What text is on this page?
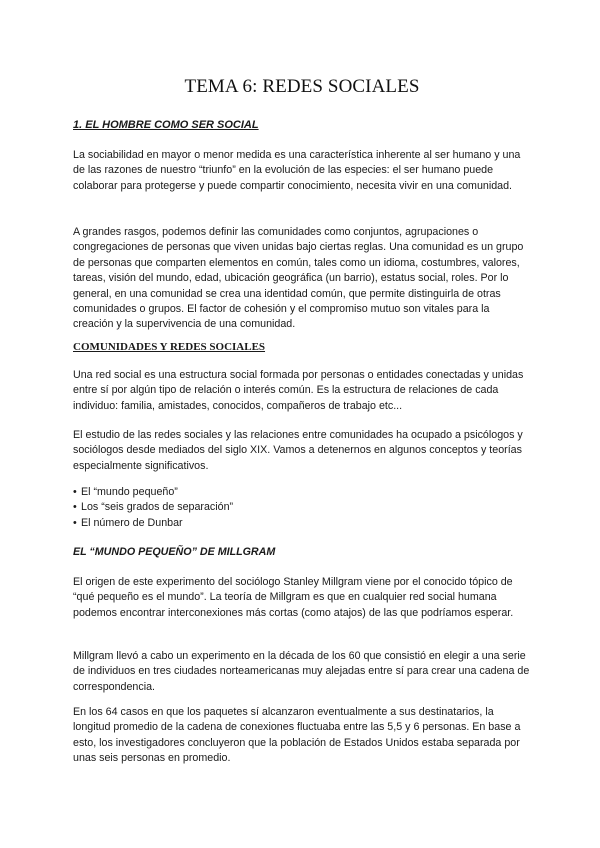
TEMA 6: REDES SOCIALES
1. EL HOMBRE COMO SER SOCIAL

La sociabilidad en mayor o menor medida es una característica inherente al ser humano y una de las razones de nuestro “triunfo” en la evolución de las especies: el ser humano puede colaborar para protegerse y puede compartir conocimiento, necesita vivir en una comunidad.

A grandes rasgos, podemos definir las comunidades como conjuntos, agrupaciones o congregaciones de personas que viven unidas bajo ciertas reglas. Una comunidad es un grupo de personas que comparten elementos en común, tales como un idioma, costumbres, valores, tareas, visión del mundo, edad, ubicación geográfica (un barrio), estatus social, roles. Por lo general, en una comunidad se crea una identidad común, que permite distinguirla de otras comunidades o grupos. El factor de cohesión y el compromiso mutuo son vitales para la creación y la supervivencia de una comunidad.

COMUNIDADES Y REDES SOCIALES

Una red social es una estructura social formada por personas o entidades conectadas y unidas entre sí por algún tipo de relación o interés común. Es la estructura de relaciones de cada individuo: familia, amistades, conocidos, compañeros de trabajo etc...

El estudio de las redes sociales y las relaciones entre comunidades ha ocupado a psicólogos y sociólogos desde mediados del siglo XIX. Vamos a detenernos en algunos conceptos y teorías especialmente significativos.

• El “mundo pequeño”
• Los “seis grados de separación”
• El número de Dunbar
EL “MUNDO PEQUEÑO” DE MILLGRAM

El origen de este experimento del sociólogo Stanley Millgram viene por el conocido tópico de “qué pequeño es el mundo”. La teoría de Millgram es que en cualquier red social humana podemos encontrar interconexiones más cortas (como atajos) de las que podríamos esperar.

Millgram llevó a cabo un experimento en la década de los 60 que consistió en elegir a una serie de individuos en tres ciudades norteamericanas muy alejadas entre sí para crear una cadena de correspondencia.

En los 64 casos en que los paquetes sí alcanzaron eventualmente a sus destinatarios, la longitud promedio de la cadena de conexiones fluctuaba entre las 5,5 y 6 personas. En base a esto, los investigadores concluyeron que la población de Estados Unidos estaba separada por unas seis personas en promedio.
